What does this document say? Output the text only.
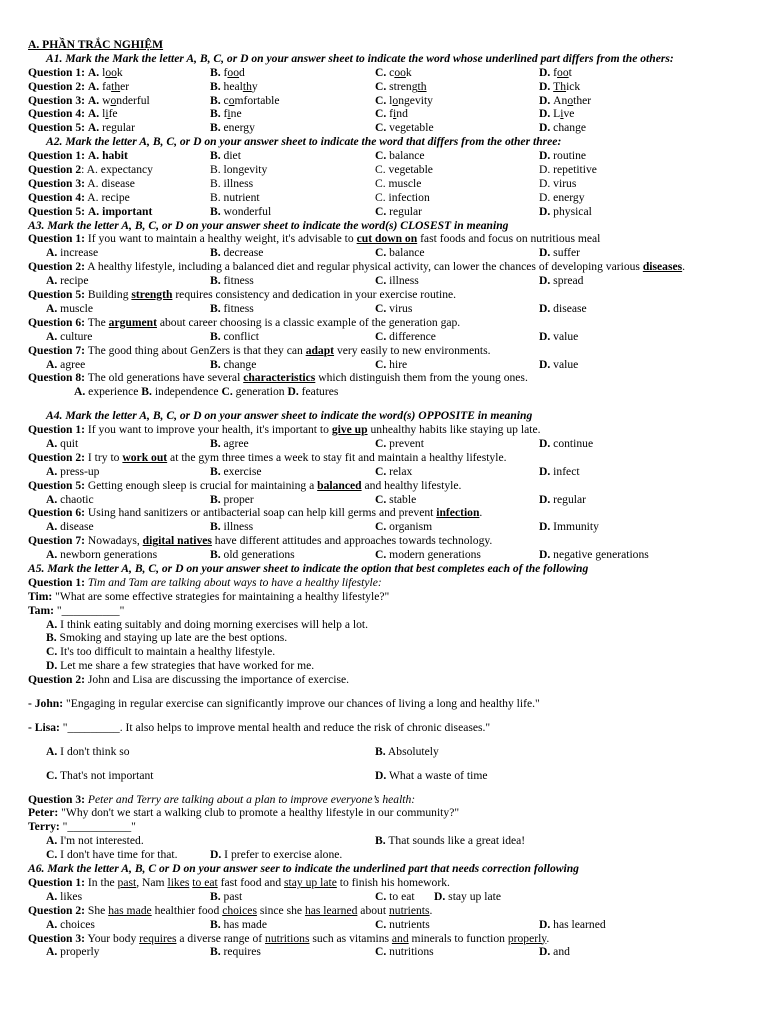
A. PHẦN TRẮC NGHIỆM
A1. Mark the Mark the letter A, B, C, or D on your answer sheet to indicate the word whose underlined part differs from the others:
Question 1: A. look	B. food	C. cook	D. foot
Question 2: A. father	B. healthy	C. strength	D. Thick
Question 3: A. wonderful	B. comfortable	C. longevity	D. Another
Question 4: A. life	B. fine	C. find	D. Live
Question 5: A. regular	B. energy	C. vegetable	D. change
A2. Mark the letter A, B, C, or D on your answer sheet to indicate the word that differs from the other three:
Question 1: A. habit	B. diet	C. balance	D. routine
Question 2: A. expectancy	B. longevity	C. vegetable	D. repetitive
Question 3: A. disease	B. illness	C. muscle	D. virus
Question 4: A. recipe	B. nutrient	C. infection	D. energy
Question 5: A. important	B. wonderful	C. regular	D. physical
A3. Mark the letter A, B, C, or D on your answer sheet to indicate the word(s) CLOSEST in meaning
Question 1: If you want to maintain a healthy weight, it's advisable to cut down on fast foods and focus on nutritious meal
A. increase	B. decrease	C. balance	D. suffer
Question 2: A healthy lifestyle, including a balanced diet and regular physical activity, can lower the chances of developing various diseases.
A. recipe	B. fitness	C. illness	D. spread
Question 5: Building strength requires consistency and dedication in your exercise routine.
A. muscle	B. fitness	C. virus	D. disease
Question 6: The argument about career choosing is a classic example of the generation gap.
A. culture	B. conflict	C. difference	D. value
Question 7: The good thing about GenZers is that they can adapt very easily to new environments.
A. agree	B. change	C. hire	D. value
Question 8: The old generations have several characteristics which distinguish them from the young ones.
A. experience B. independence C. generation D. features
A4. Mark the letter A, B, C, or D on your answer sheet to indicate the word(s) OPPOSITE in meaning
Question 1: If you want to improve your health, it's important to give up unhealthy habits like staying up late.
A. quit	B. agree	C. prevent	D. continue
Question 2: I try to work out at the gym three times a week to stay fit and maintain a healthy lifestyle.
A. press-up	B. exercise	C. relax	D. infect
Question 5: Getting enough sleep is crucial for maintaining a balanced and healthy lifestyle.
A. chaotic	B. proper	C. stable	D. regular
Question 6: Using hand sanitizers or antibacterial soap can help kill germs and prevent infection.
A. disease	B. illness	C. organism	D. Immunity
Question 7: Nowadays, digital natives have different attitudes and approaches towards technology.
A. newborn generations	B. old generations	C. modern generations	D. negative generations
A5. Mark the letter A, B, C, or D on your answer sheet to indicate the option that best completes each of the following
Question 1: Tim and Tam are talking about ways to have a healthy lifestyle:
Tim: "What are some effective strategies for maintaining a healthy lifestyle?"
Tam: "__________"
A. I think eating suitably and doing morning exercises will help a lot.
B. Smoking and staying up late are the best options.
C. It's too difficult to maintain a healthy lifestyle.
D. Let me share a few strategies that have worked for me.
Question 2: John and Lisa are discussing the importance of exercise.
- John: "Engaging in regular exercise can significantly improve our chances of living a long and healthy life."
- Lisa: "_________. It also helps to improve mental health and reduce the risk of chronic diseases."
A. I don't think so	B. Absolutely
C. That's not important	D. What a waste of time
Question 3: Peter and Terry are talking about a plan to improve everyone’s health:
Peter: "Why don't we start a walking club to promote a healthy lifestyle in our community?"
Terry: "___________"
A. I'm not interested.	B. That sounds like a great idea!
C. I don't have time for that.	D. I prefer to exercise alone.
A6. Mark the letter A, B, C or D on your answer seer to indicate the underlined part that needs correction following
Question 1: In the past, Nam likes to eat fast food and stay up late to finish his homework.
A. likes	B. past	C. to eat D. stay up late
Question 2: She has made healthier food choices since she has learned about nutrients.
A. choices	B. has made	C. nutrients	D. has learned
Question 3: Your body requires a diverse range of nutritions such as vitamins and minerals to function properly.
A. properly	B. requires	C. nutritions	D. and
